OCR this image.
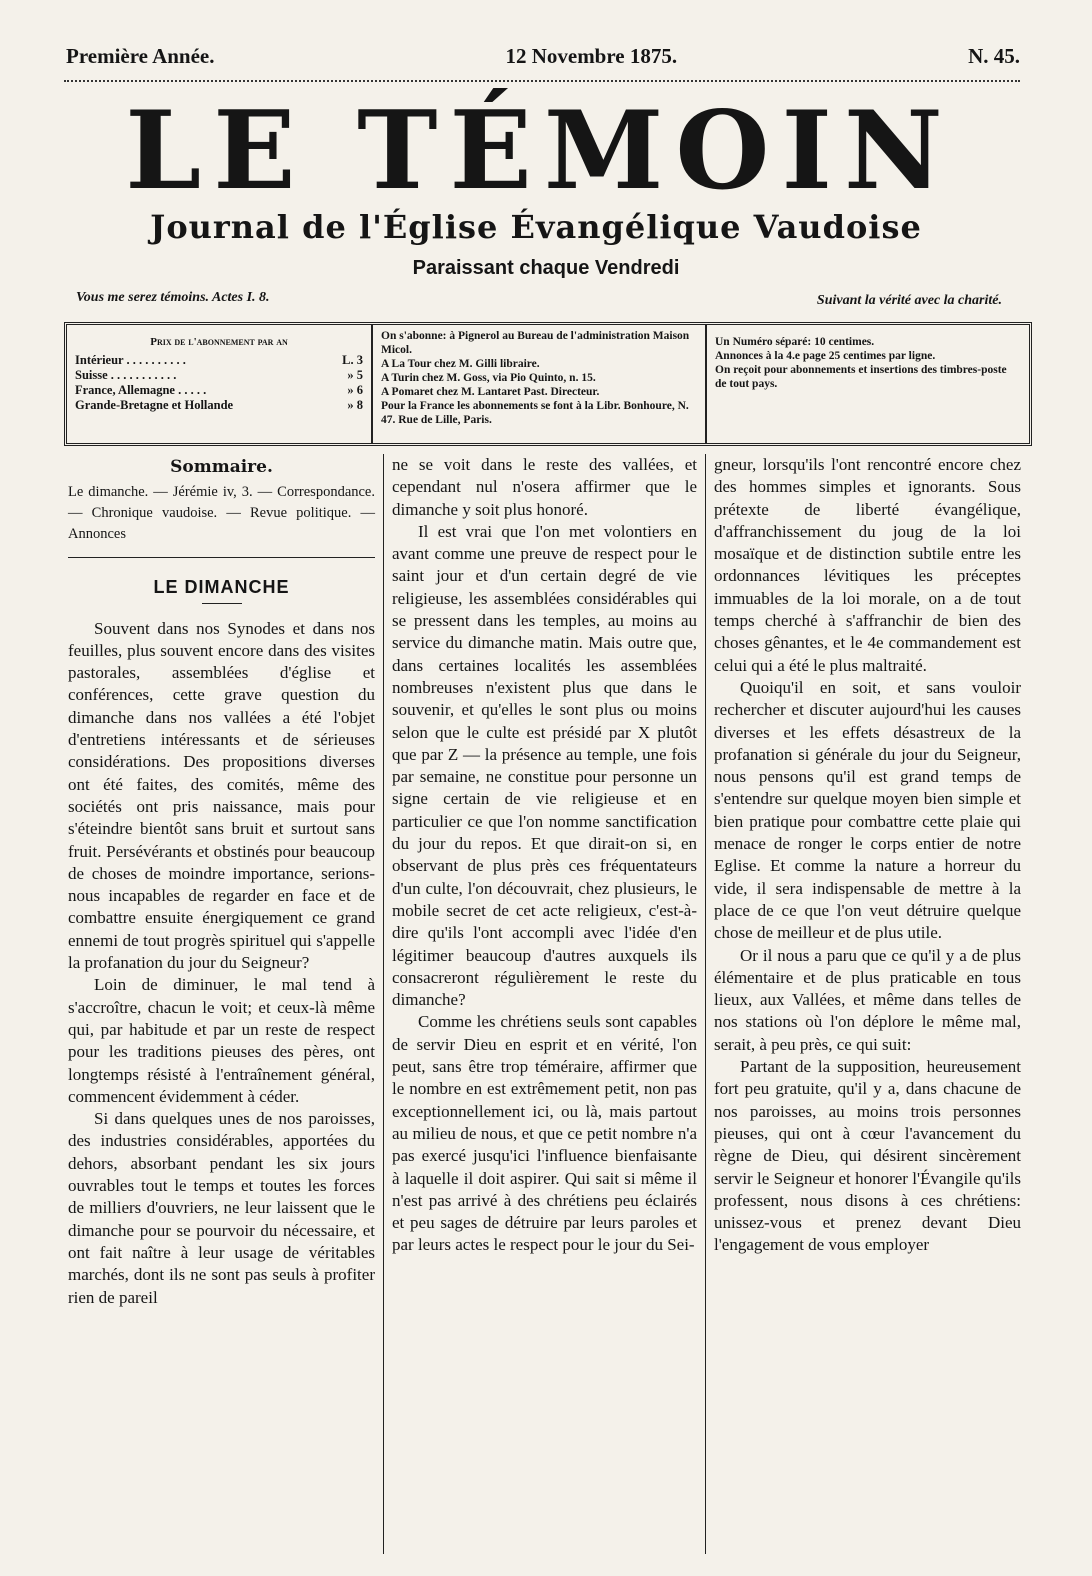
Première Année.	12 Novembre 1875.	N. 45.
LE TÉMOIN
Journal de l'Église Évangélique Vaudoise
Paraissant chaque Vendredi
Vous me serez témoins. Actes I. 8.	Suivant la vérité avec la charité.
Prix de l'abonnement par an
Intérieur . . . . . . . . . .	L. 3
Suisse . . . . . . . . . . .	» 5
France, Allemagne . . . . .	» 6
Grande-Bretagne et Hollande	» 8

On s'abonne: à Pignerol au Bureau de l'administration Maison Micol.

A La Tour chez M. Gilli libraire.

A Turin chez M. Goss, via Pio Quinto, n. 15.

A Pomaret chez M. Lantaret Past. Directeur.

Pour la France les abonnements se font à la Libr. Bonhoure, N. 47. Rue de Lille, Paris.

Un Numéro séparé: 10 centimes.

Annonces à la 4.e page 25 centimes par ligne.

On reçoit pour abonnements et insertions des timbres-poste de tout pays.

Sommaire.

Le dimanche. — Jérémie iv, 3. — Correspondance. — Chronique vaudoise. — Revue politique. — Annonces

LE DIMANCHE

Souvent dans nos Synodes et dans nos feuilles, plus souvent encore dans des visites pastorales, assemblées d'église et conférences, cette grave question du dimanche dans nos vallées a été l'objet d'entretiens intéressants et de sérieuses considérations. Des propositions diverses ont été faites, des comités, même des sociétés ont pris naissance, mais pour s'éteindre bientôt sans bruit et surtout sans fruit. Persévérants et obstinés pour beaucoup de choses de moindre importance, serions-nous incapables de regarder en face et de combattre ensuite énergiquement ce grand ennemi de tout progrès spirituel qui s'appelle la profanation du jour du Seigneur?

Loin de diminuer, le mal tend à s'accroître, chacun le voit; et ceux-là même qui, par habitude et par un reste de respect pour les traditions pieuses des pères, ont longtemps résisté à l'entraînement général, commencent évidemment à céder.

Si dans quelques unes de nos paroisses, des industries considérables, apportées du dehors, absorbant pendant les six jours ouvrables tout le temps et toutes les forces de milliers d'ouvriers, ne leur laissent que le dimanche pour se pourvoir du nécessaire, et ont fait naître à leur usage de véritables marchés, dont ils ne sont pas seuls à profiter rien de pareil

ne se voit dans le reste des vallées, et cependant nul n'osera affirmer que le dimanche y soit plus honoré.

Il est vrai que l'on met volontiers en avant comme une preuve de respect pour le saint jour et d'un certain degré de vie religieuse, les assemblées considérables qui se pressent dans les temples, au moins au service du dimanche matin. Mais outre que, dans certaines localités les assemblées nombreuses n'existent plus que dans le souvenir, et qu'elles le sont plus ou moins selon que le culte est présidé par X plutôt que par Z — la présence au temple, une fois par semaine, ne constitue pour personne un signe certain de vie religieuse et en particulier ce que l'on nomme sanctification du jour du repos. Et que dirait-on si, en observant de plus près ces fréquentateurs d'un culte, l'on découvrait, chez plusieurs, le mobile secret de cet acte religieux, c'est-à-dire qu'ils l'ont accompli avec l'idée d'en légitimer beaucoup d'autres auxquels ils consacreront régulièrement le reste du dimanche?

Comme les chrétiens seuls sont capables de servir Dieu en esprit et en vérité, l'on peut, sans être trop téméraire, affirmer que le nombre en est extrêmement petit, non pas exceptionnellement ici, ou là, mais partout au milieu de nous, et que ce petit nombre n'a pas exercé jusqu'ici l'influence bienfaisante à laquelle il doit aspirer. Qui sait si même il n'est pas arrivé à des chrétiens peu éclairés et peu sages de détruire par leurs paroles et par leurs actes le respect pour le jour du Sei-

gneur, lorsqu'ils l'ont rencontré encore chez des hommes simples et ignorants. Sous prétexte de liberté évangélique, d'affranchissement du joug de la loi mosaïque et de distinction subtile entre les ordonnances lévitiques les préceptes immuables de la loi morale, on a de tout temps cherché à s'affranchir de bien des choses gênantes, et le 4e commandement est celui qui a été le plus maltraité.

Quoiqu'il en soit, et sans vouloir rechercher et discuter aujourd'hui les causes diverses et les effets désastreux de la profanation si générale du jour du Seigneur, nous pensons qu'il est grand temps de s'entendre sur quelque moyen bien simple et bien pratique pour combattre cette plaie qui menace de ronger le corps entier de notre Eglise. Et comme la nature a horreur du vide, il sera indispensable de mettre à la place de ce que l'on veut détruire quelque chose de meilleur et de plus utile.

Or il nous a paru que ce qu'il y a de plus élémentaire et de plus praticable en tous lieux, aux Vallées, et même dans telles de nos stations où l'on déplore le même mal, serait, à peu près, ce qui suit:

Partant de la supposition, heureusement fort peu gratuite, qu'il y a, dans chacune de nos paroisses, au moins trois personnes pieuses, qui ont à cœur l'avancement du règne de Dieu, qui désirent sincèrement servir le Seigneur et honorer l'Évangile qu'ils professent, nous disons à ces chrétiens: unissez-vous et prenez devant Dieu l'engagement de vous employer
